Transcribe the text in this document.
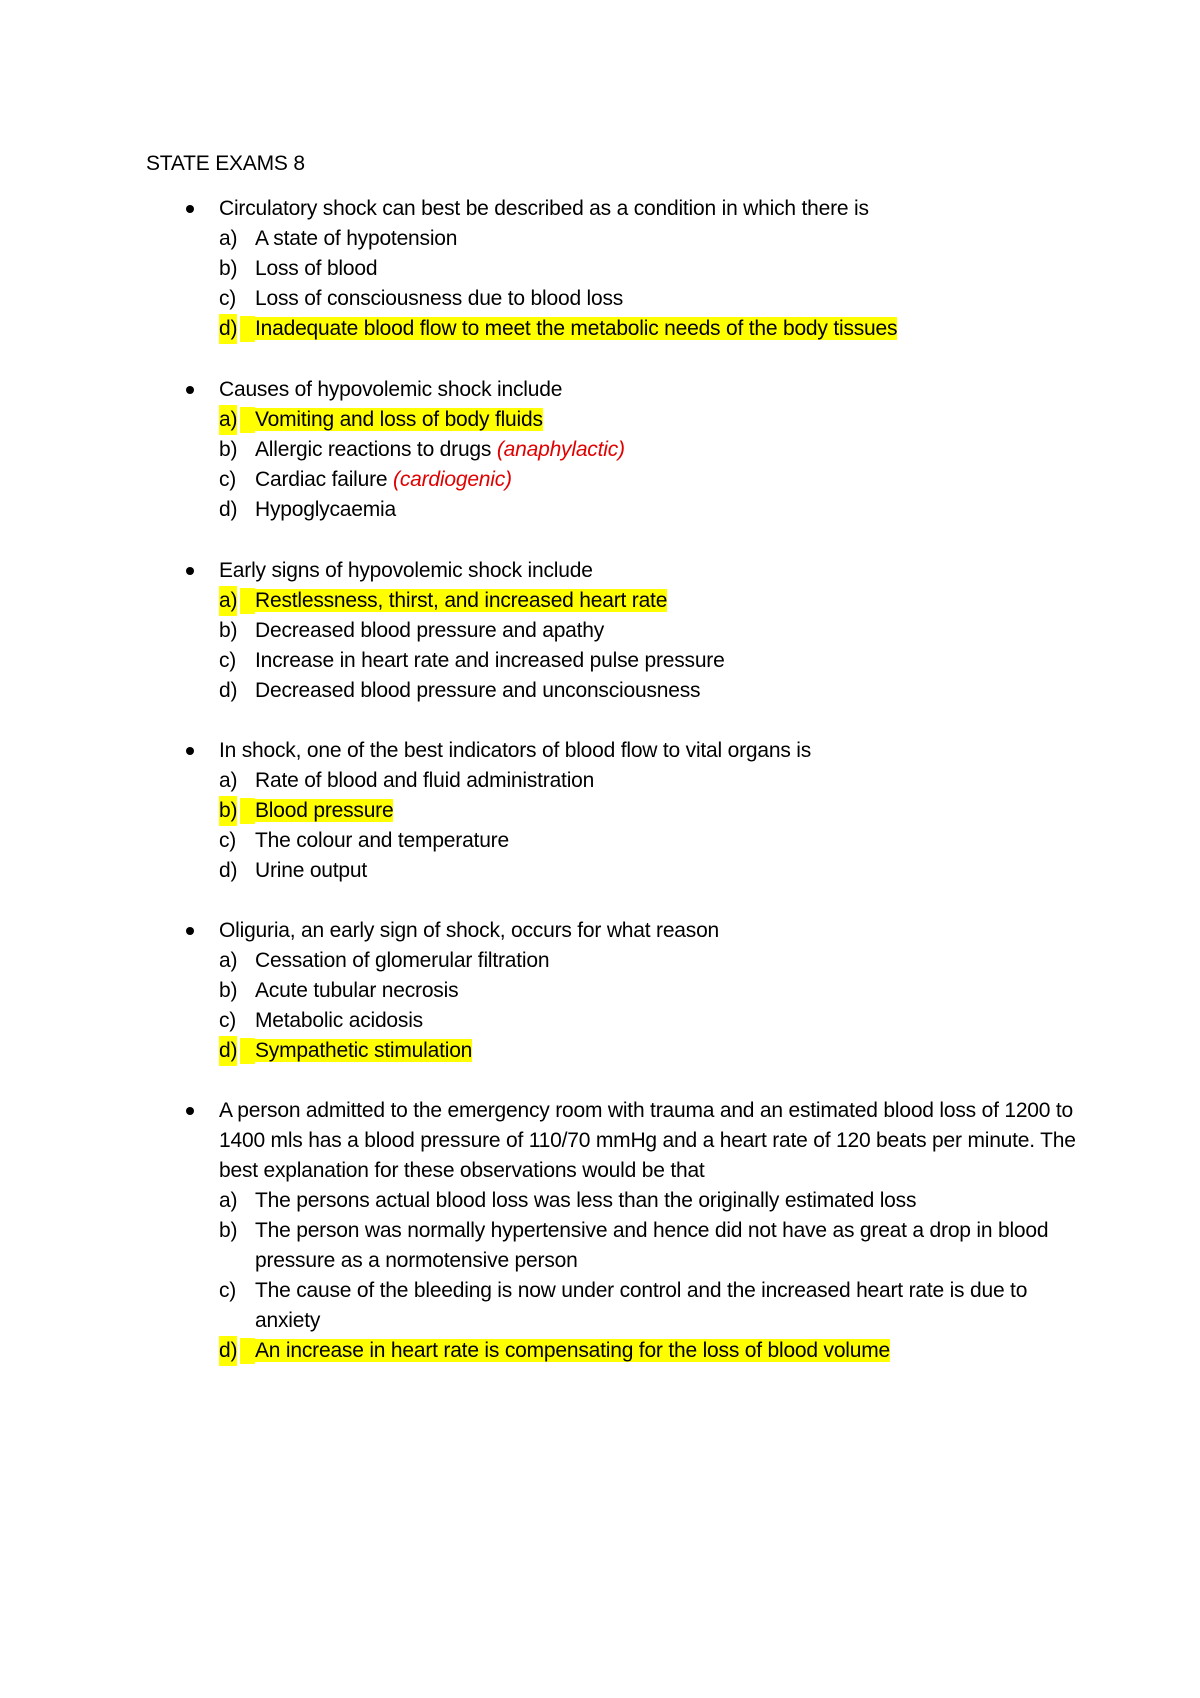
STATE EXAMS 8
Circulatory shock can best be described as a condition in which there is
a) A state of hypotension
b) Loss of blood
c) Loss of consciousness due to blood loss
d) Inadequate blood flow to meet the metabolic needs of the body tissues
Causes of hypovolemic shock include
a) Vomiting and loss of body fluids
b) Allergic reactions to drugs (anaphylactic)
c) Cardiac failure (cardiogenic)
d) Hypoglycaemia
Early signs of hypovolemic shock include
a) Restlessness, thirst, and increased heart rate
b) Decreased blood pressure and apathy
c) Increase in heart rate and increased pulse pressure
d) Decreased blood pressure and unconsciousness
In shock, one of the best indicators of blood flow to vital organs is
a) Rate of blood and fluid administration
b) Blood pressure
c) The colour and temperature
d) Urine output
Oliguria, an early sign of shock, occurs for what reason
a) Cessation of glomerular filtration
b) Acute tubular necrosis
c) Metabolic acidosis
d) Sympathetic stimulation
A person admitted to the emergency room with trauma and an estimated blood loss of 1200 to 1400 mls has a blood pressure of 110/70 mmHg and a heart rate of 120 beats per minute. The best explanation for these observations would be that
a) The persons actual blood loss was less than the originally estimated loss
b) The person was normally hypertensive and hence did not have as great a drop in blood pressure as a normotensive person
c) The cause of the bleeding is now under control and the increased heart rate is due to anxiety
d) An increase in heart rate is compensating for the loss of blood volume
